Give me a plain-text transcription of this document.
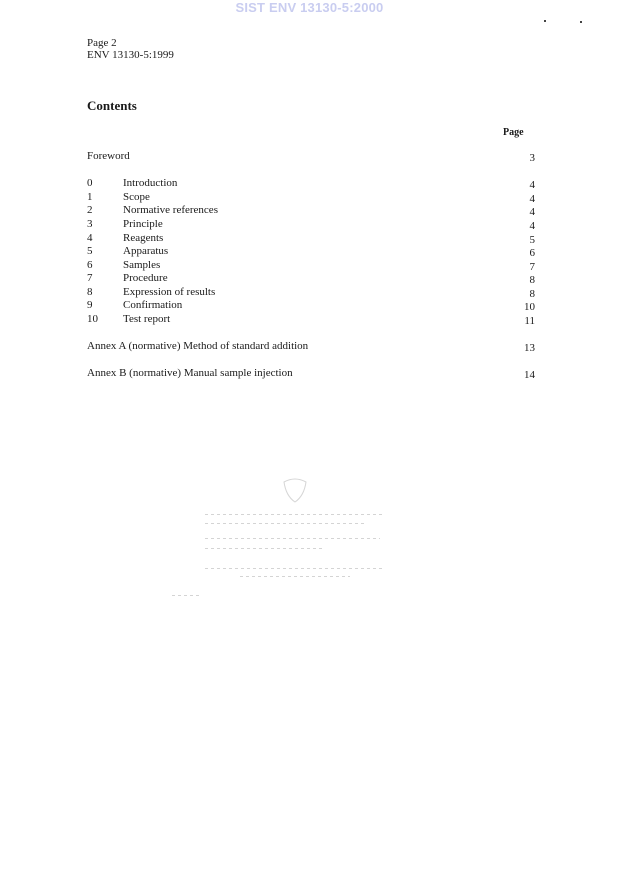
SIST ENV 13130-5:2000
Page 2
ENV 13130-5:1999
Contents
Page
Foreword	3
0	Introduction	4
1	Scope	4
2	Normative references	4
3	Principle	4
4	Reagents	5
5	Apparatus	6
6	Samples	7
7	Procedure	8
8	Expression of results	8
9	Confirmation	10
10 Test report	11
Annex A (normative) Method of standard addition	13
Annex B (normative) Manual sample injection	14
